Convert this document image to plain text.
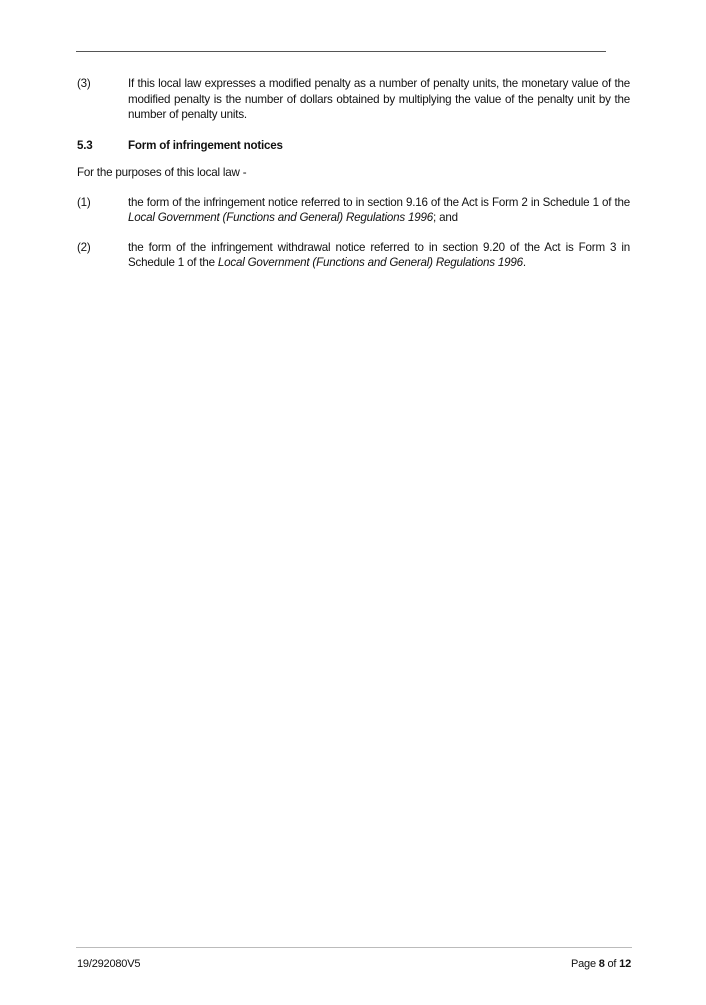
(3)	If this local law expresses a modified penalty as a number of penalty units, the monetary value of the modified penalty is the number of dollars obtained by multiplying the value of the penalty unit by the number of penalty units.
5.3	Form of infringement notices
For the purposes of this local law -
(1)	the form of the infringement notice referred to in section 9.16 of the Act is Form 2 in Schedule 1 of the Local Government (Functions and General) Regulations 1996; and
(2)	the form of the infringement withdrawal notice referred to in section 9.20 of the Act is Form 3 in Schedule 1 of the Local Government (Functions and General) Regulations 1996.
19/292080V5	Page 8 of 12
